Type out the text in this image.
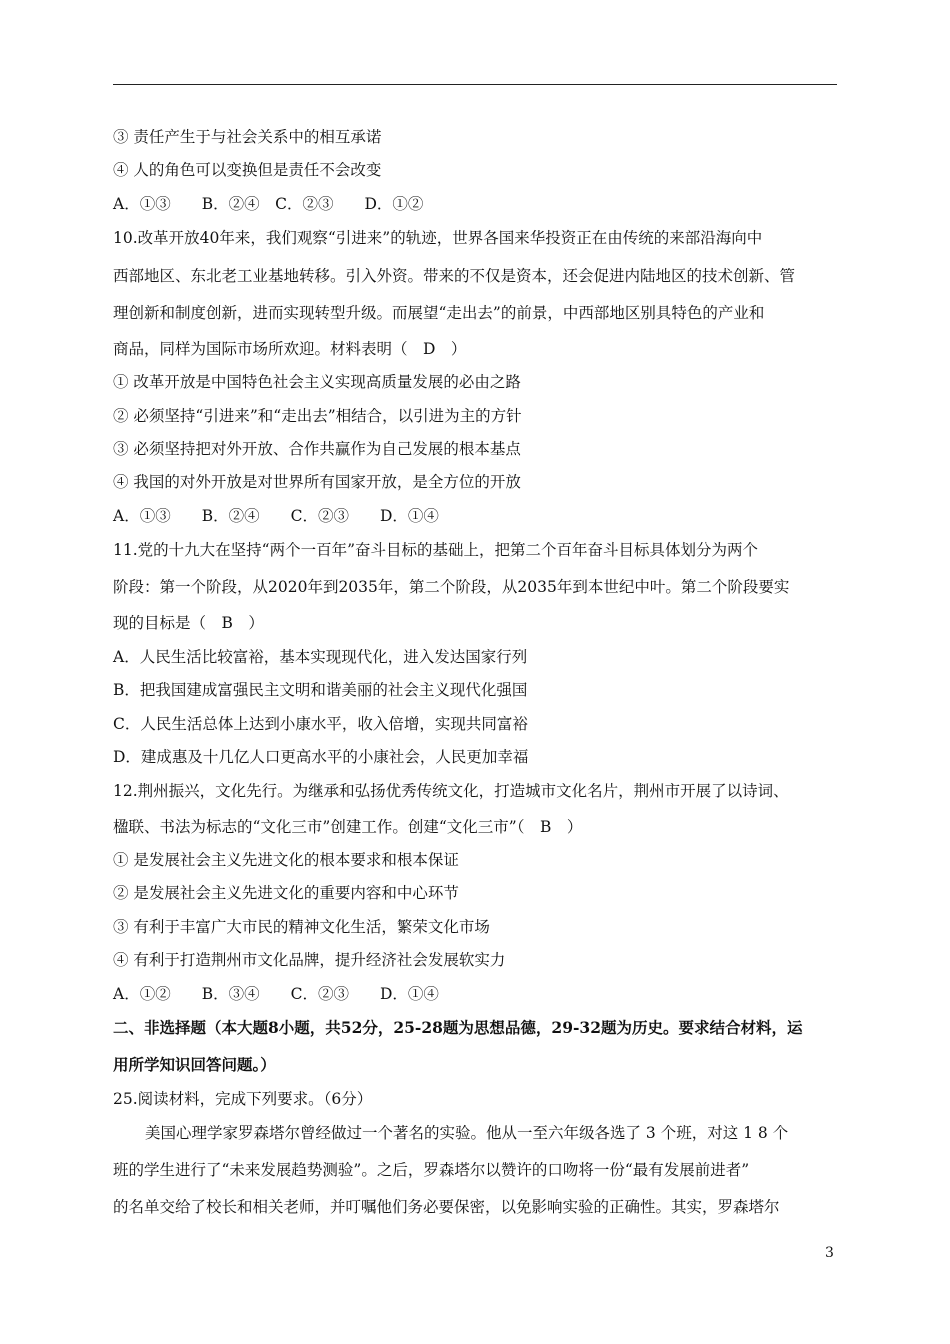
③ 责任产生于与社会关系中的相互承诺
④ 人的角色可以变换但是责任不会改变
A．①③　　B．②④　C．②③　　D．①②
10.改革开放40年来，我们观察“引进来”的轨迹，世界各国来华投资正在由传统的来部沿海向中
西部地区、东北老工业基地转移。引入外资。带来的不仅是资本，还会促进内陆地区的技术创新、管
理创新和制度创新，进而实现转型升级。而展望“走出去”的前景，中西部地区别具特色的产业和
商品，同样为国际市场所欢迎。材料表明（　D　）
① 改革开放是中国特色社会主义实现高质量发展的必由之路
② 必须坚持“引进来”和“走出去”相结合，以引进为主的方针
③ 必须坚持把对外开放、合作共赢作为自己发展的根本基点
④ 我国的对外开放是对世界所有国家开放，是全方位的开放
A．①③　　B．②④　　C．②③　　D．①④
11.党的十九大在坚持“两个一百年”奋斗目标的基础上，把第二个百年奋斗目标具体划分为两个
阶段：第一个阶段，从2020年到2035年，第二个阶段，从2035年到本世纪中叶。第二个阶段要实
现的目标是（　B　）
A．人民生活比较富裕，基本实现现代化，进入发达国家行列
B．把我国建成富强民主文明和谐美丽的社会主义现代化强国
C．人民生活总体上达到小康水平，收入倍增，实现共同富裕
D．建成惠及十几亿人口更高水平的小康社会，人民更加幸福
12.荆州振兴，文化先行。为继承和弘扬优秀传统文化，打造城市文化名片，荆州市开展了以诗词、
楹联、书法为标志的“文化三市”创建工作。创建“文化三市”（　B　）
① 是发展社会主义先进文化的根本要求和根本保证
② 是发展社会主义先进文化的重要内容和中心环节
③ 有利于丰富广大市民的精神文化生活，繁荣文化市场
④ 有利于打造荆州市文化品牌，提升经济社会发展软实力
A．①②　　B．③④　　C．②③　　D．①④
二、非选择题（本大题8小题，共52分，25-28题为思想品德，29-32题为历史。要求结合材料，运
用所学知识回答问题。）
25.阅读材料，完成下列要求。（6分）
美国心理学家罗森塔尔曾经做过一个著名的实验。他从一至六年级各选了 3 个班，对这 1 8 个
班的学生进行了“未来发展趋势测验”。之后，罗森塔尔以赞许的口吻将一份“最有发展前进者”
的名单交给了校长和相关老师，并叮嘱他们务必要保密，以免影响实验的正确性。其实，罗森塔尔
3
